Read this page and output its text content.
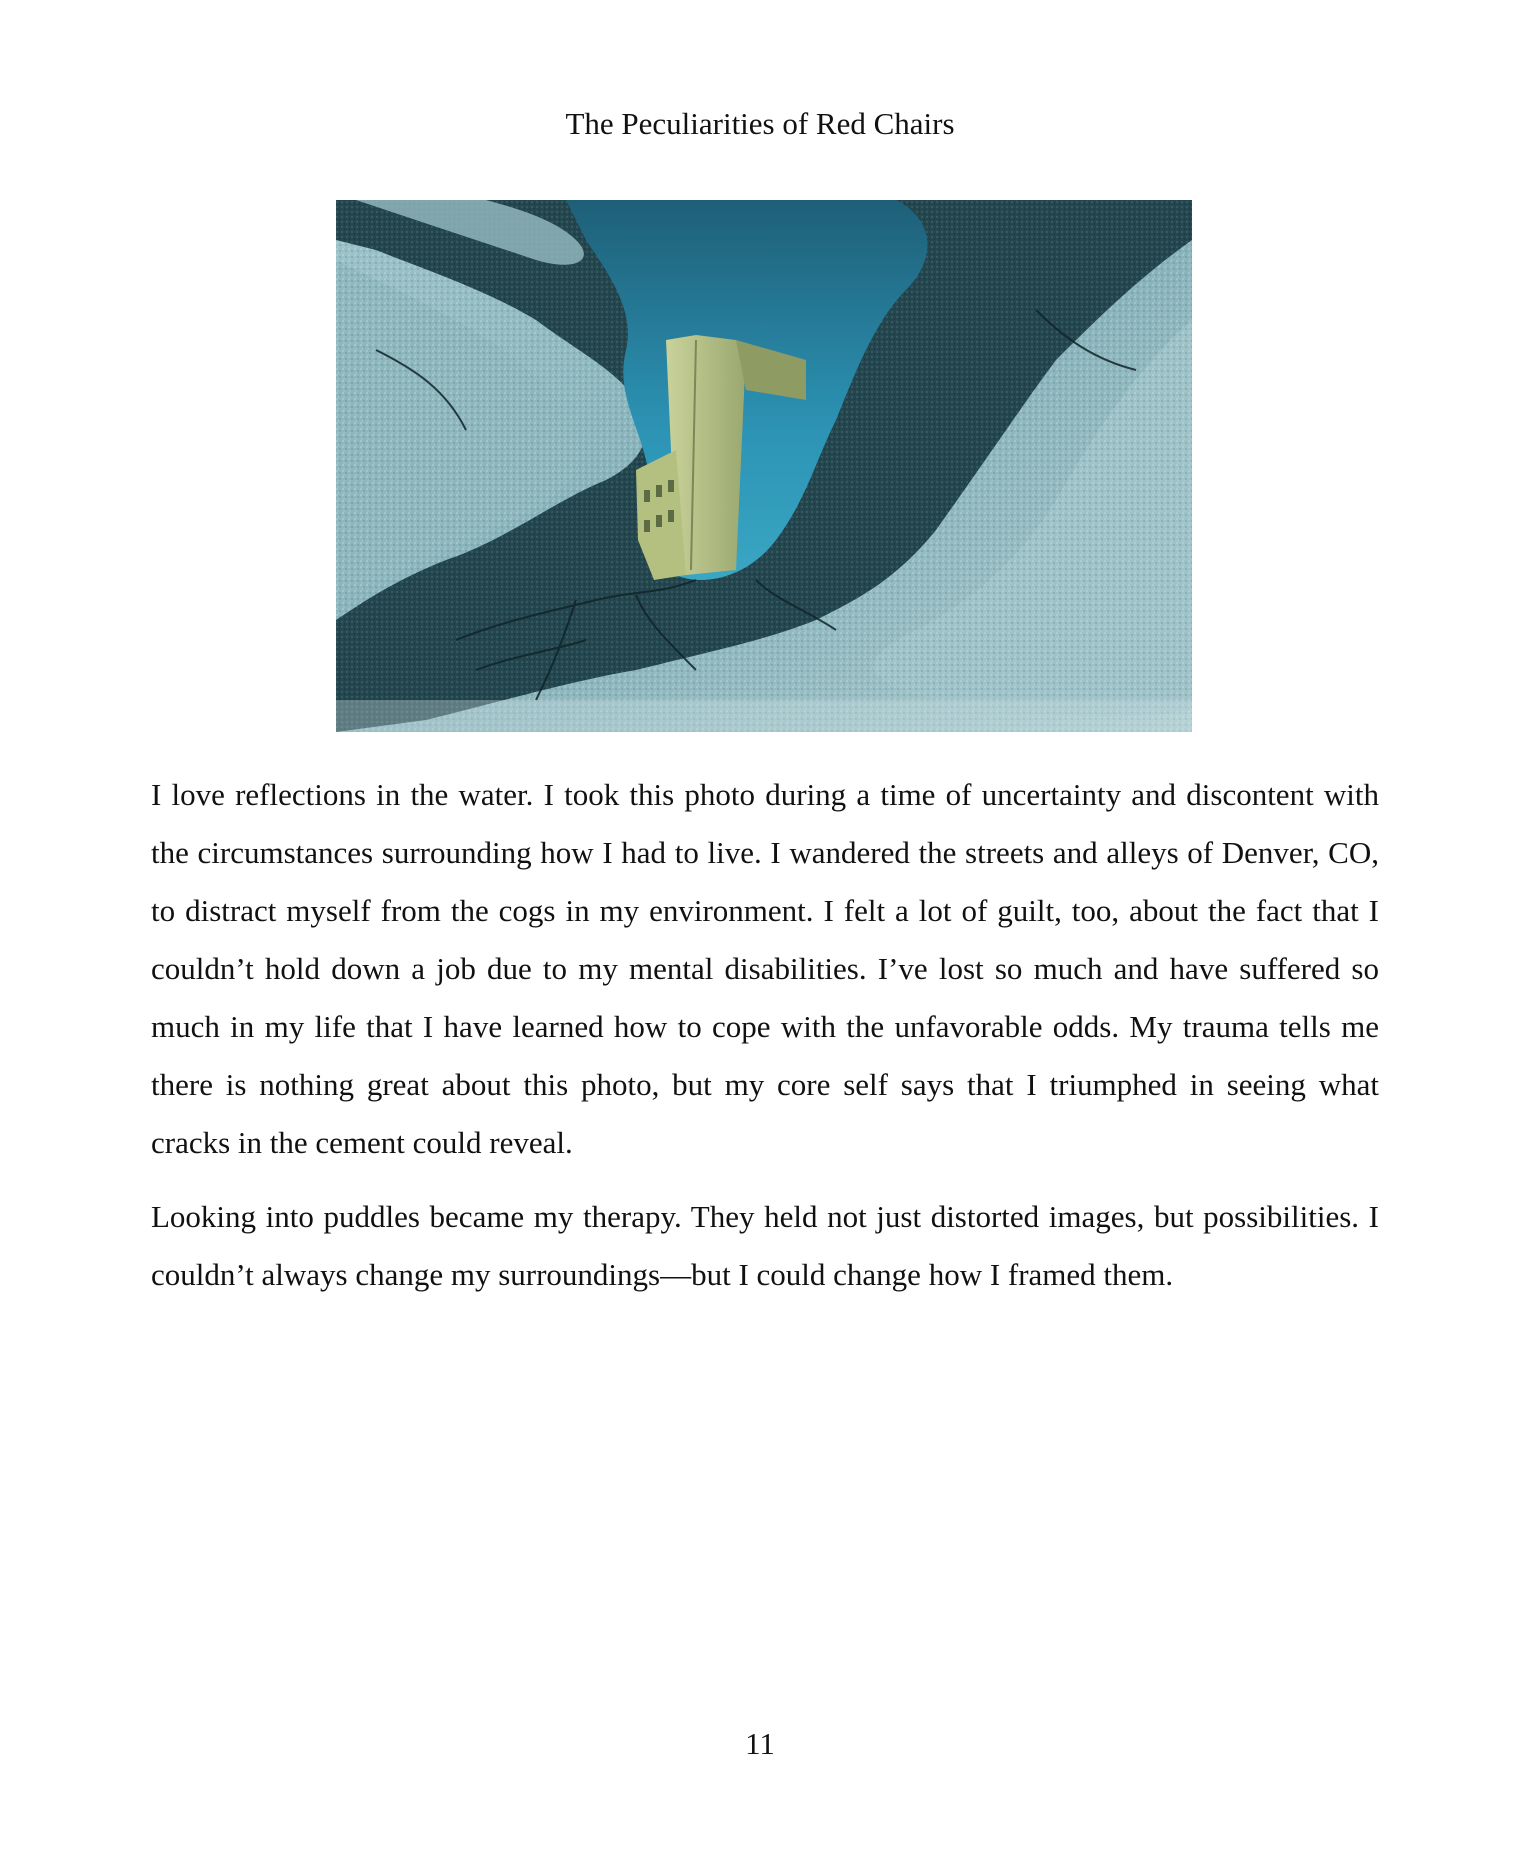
The Peculiarities of Red Chairs

I love reflections in the water. I took this photo during a time of uncertainty and discontent with the circumstances surrounding how I had to live. I wandered the streets and alleys of Denver, CO, to distract myself from the cogs in my environment. I felt a lot of guilt, too, about the fact that I couldn’t hold down a job due to my mental disabilities. I’ve lost so much and have suffered so much in my life that I have learned how to cope with the unfavorable odds. My trauma tells me there is nothing great about this photo, but my core self says that I triumphed in seeing what cracks in the cement could reveal.

Looking into puddles became my therapy. They held not just distorted images, but possibilities. I couldn’t always change my surroundings—but I could change how I framed them.

11
